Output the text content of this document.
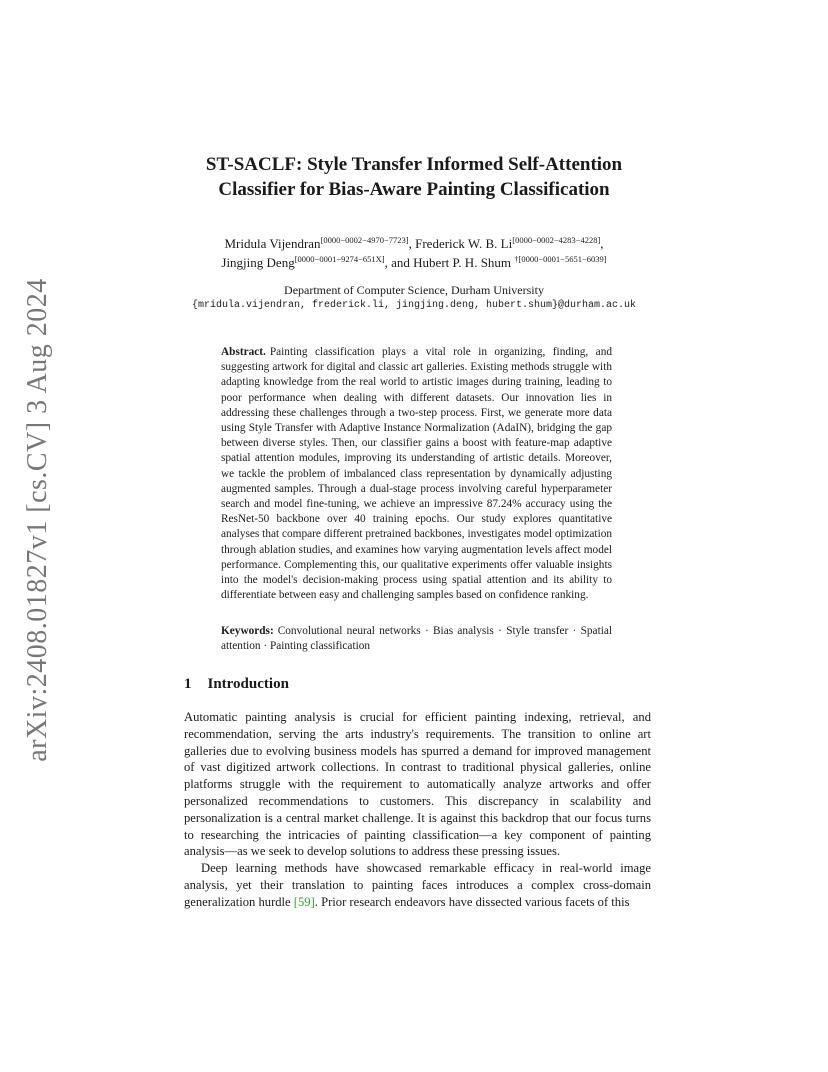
arXiv:2408.01827v1 [cs.CV] 3 Aug 2024
ST-SACLF: Style Transfer Informed Self-Attention
Classifier for Bias-Aware Painting Classification
Mridula Vijendran[0000−0002−4970−7723], Frederick W. B. Li[0000−0002−4283−4228],
Jingjing Deng[0000−0001−9274−651X], and Hubert P. H. Shum $^{\dagger[0000-0001-5651-6039]}$
Department of Computer Science, Durham University
{mridula.vijendran, frederick.li, jingjing.deng, hubert.shum}@durham.ac.uk

Abstract. Painting classification plays a vital role in organizing, finding, and suggesting artwork for digital and classic art galleries. Existing methods struggle with adapting knowledge from the real world to artistic images during training, leading to poor performance when dealing with different datasets. Our innovation lies in addressing these challenges through a two-step process. First, we generate more data using Style Transfer with Adaptive Instance Normalization (AdaIN), bridging the gap between diverse styles. Then, our classifier gains a boost with feature-map adaptive spatial attention modules, improving its understanding of artistic details. Moreover, we tackle the problem of imbalanced class representation by dynamically adjusting augmented samples. Through a dual-stage process involving careful hyperparameter search and model fine-tuning, we achieve an impressive 87.24% accuracy using the ResNet-50 backbone over 40 training epochs. Our study explores quantitative analyses that compare different pretrained backbones, investigates model optimization through ablation studies, and examines how varying augmentation levels affect model performance. Complementing this, our qualitative experiments offer valuable insights into the model's decision-making process using spatial attention and its ability to differentiate between easy and challenging samples based on confidence ranking.

Keywords: Convolutional neural networks · Bias analysis · Style transfer · Spatial attention · Painting classification

1 Introduction

Automatic painting analysis is crucial for efficient painting indexing, retrieval, and recommendation, serving the arts industry's requirements. The transition to online art galleries due to evolving business models has spurred a demand for improved management of vast digitized artwork collections. In contrast to traditional physical galleries, online platforms struggle with the requirement to automatically analyze artworks and offer personalized recommendations to customers. This discrepancy in scalability and personalization is a central market challenge. It is against this backdrop that our focus turns to researching the intricacies of painting classification—a key component of painting analysis—as we seek to develop solutions to address these pressing issues.

Deep learning methods have showcased remarkable efficacy in real-world image analysis, yet their translation to painting faces introduces a complex cross-domain generalization hurdle [59]. Prior research endeavors have dissected various facets of this
